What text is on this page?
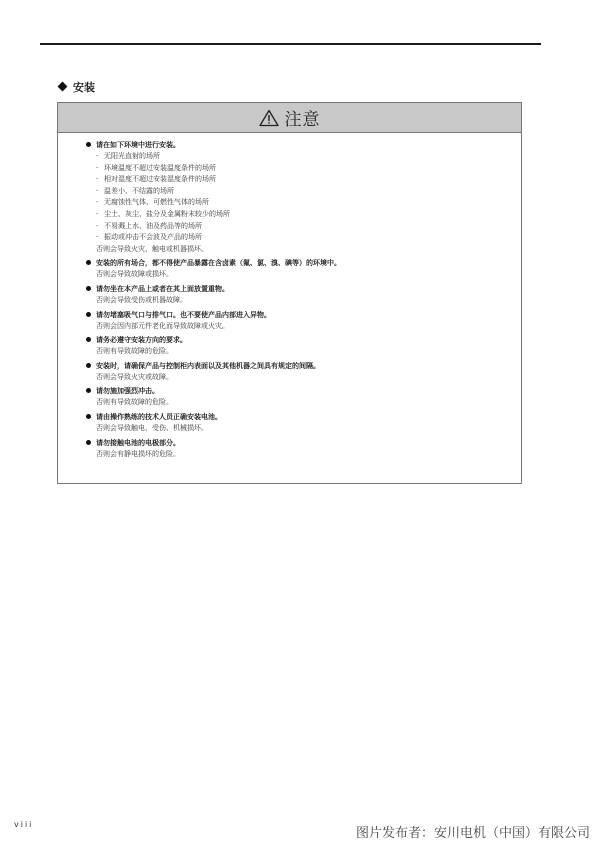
安装
注意
请在如下环境中进行安装。
· 无阳光直射的场所
· 环境温度不超过安装温度条件的场所
· 相对湿度不超过安装湿度条件的场所
· 温差小、不结露的场所
· 无腐蚀性气体、可燃性气体的场所
· 尘土、灰尘、盐分及金属粉末较少的场所
· 不易溅上水、油及药品等的场所
· 振动或冲击不会波及产品的场所
否则会导致火灾、触电或机器损坏。
安装的所有场合，都不得使产品暴露在含卤素（氟、氯、溴、碘等）的环境中。
否则会导致故障或损坏。
请勿坐在本产品上或者在其上面放置重物。
否则会导致受伤或机器故障。
请勿堵塞吸气口与排气口。也不要使产品内部进入异物。
否则会因内部元件老化而导致故障或火灾。
请务必遵守安装方向的要求。
否则有导致故障的危险。
安装时，请确保产品与控制柜内表面以及其他机器之间具有规定的间隔。
否则会导致火灾或故障。
请勿施加强烈冲击。
否则有导致故障的危险。
请由操作熟练的技术人员正确安装电池。
否则会导致触电、受伤、机械损坏。
请勿接触电池的电极部分。
否则会有静电损坏的危险。
viii
图片发布者：安川电机（中国）有限公司
